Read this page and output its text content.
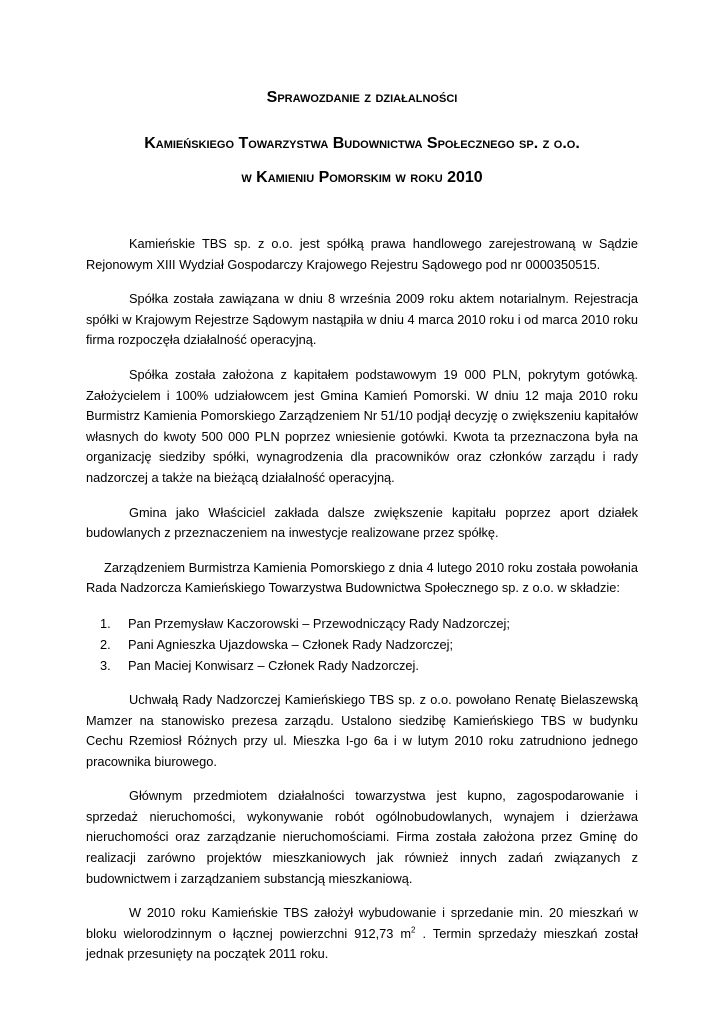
Sprawozdanie z działalności
Kamieńskiego Towarzystwa Budownictwa Społecznego sp. z o.o.
w Kamieniu Pomorskim w roku 2010

Kamieńskie TBS sp. z o.o. jest spółką prawa handlowego zarejestrowaną w Sądzie Rejonowym XIII Wydział Gospodarczy Krajowego Rejestru Sądowego pod nr 0000350515.

Spółka została zawiązana w dniu 8 września 2009 roku aktem notarialnym. Rejestracja spółki w Krajowym Rejestrze Sądowym nastąpiła w dniu 4 marca 2010 roku i od marca 2010 roku firma rozpoczęła działalność operacyjną.

Spółka została założona z kapitałem podstawowym 19 000 PLN, pokrytym gotówką. Założycielem i 100% udziałowcem jest Gmina Kamień Pomorski. W dniu 12 maja 2010 roku Burmistrz Kamienia Pomorskiego Zarządzeniem Nr 51/10 podjął decyzję o zwiększeniu kapitałów własnych do kwoty 500 000 PLN poprzez wniesienie gotówki. Kwota ta przeznaczona była na organizację siedziby spółki, wynagrodzenia dla pracowników oraz członków zarządu i rady nadzorczej a także na bieżącą działalność operacyjną.

Gmina jako Właściciel zakłada dalsze zwiększenie kapitału poprzez aport działek budowlanych z przeznaczeniem na inwestycje realizowane przez spółkę.

Zarządzeniem Burmistrza Kamienia Pomorskiego z dnia 4 lutego 2010 roku została powołania Rada Nadzorcza Kamieńskiego Towarzystwa Budownictwa Społecznego sp. z o.o. w składzie:

1.	Pan Przemysław Kaczorowski – Przewodniczący Rady Nadzorczej;
2.	Pani Agnieszka Ujazdowska – Członek Rady Nadzorczej;
3.	Pan Maciej Konwisarz – Członek Rady Nadzorczej.

Uchwałą Rady Nadzorczej Kamieńskiego TBS sp. z o.o. powołano Renatę Bielaszewską Mamzer na stanowisko prezesa zarządu. Ustalono siedzibę Kamieńskiego TBS w budynku Cechu Rzemiosł Różnych przy ul. Mieszka I-go 6a i w lutym 2010 roku zatrudniono jednego pracownika biurowego.

Głównym przedmiotem działalności towarzystwa jest kupno, zagospodarowanie i sprzedaż nieruchomości, wykonywanie robót ogólnobudowlanych, wynajem i dzierżawa nieruchomości oraz zarządzanie nieruchomościami. Firma została założona przez Gminę do realizacji zarówno projektów mieszkaniowych jak również innych zadań związanych z budownictwem i zarządzaniem substancją mieszkaniową.

W 2010 roku Kamieńskie TBS założył wybudowanie i sprzedanie min. 20 mieszkań w bloku wielorodzinnym o łącznej powierzchni 912,73 $m^2$ . Termin sprzedaży mieszkań został jednak przesunięty na początek 2011 roku.
